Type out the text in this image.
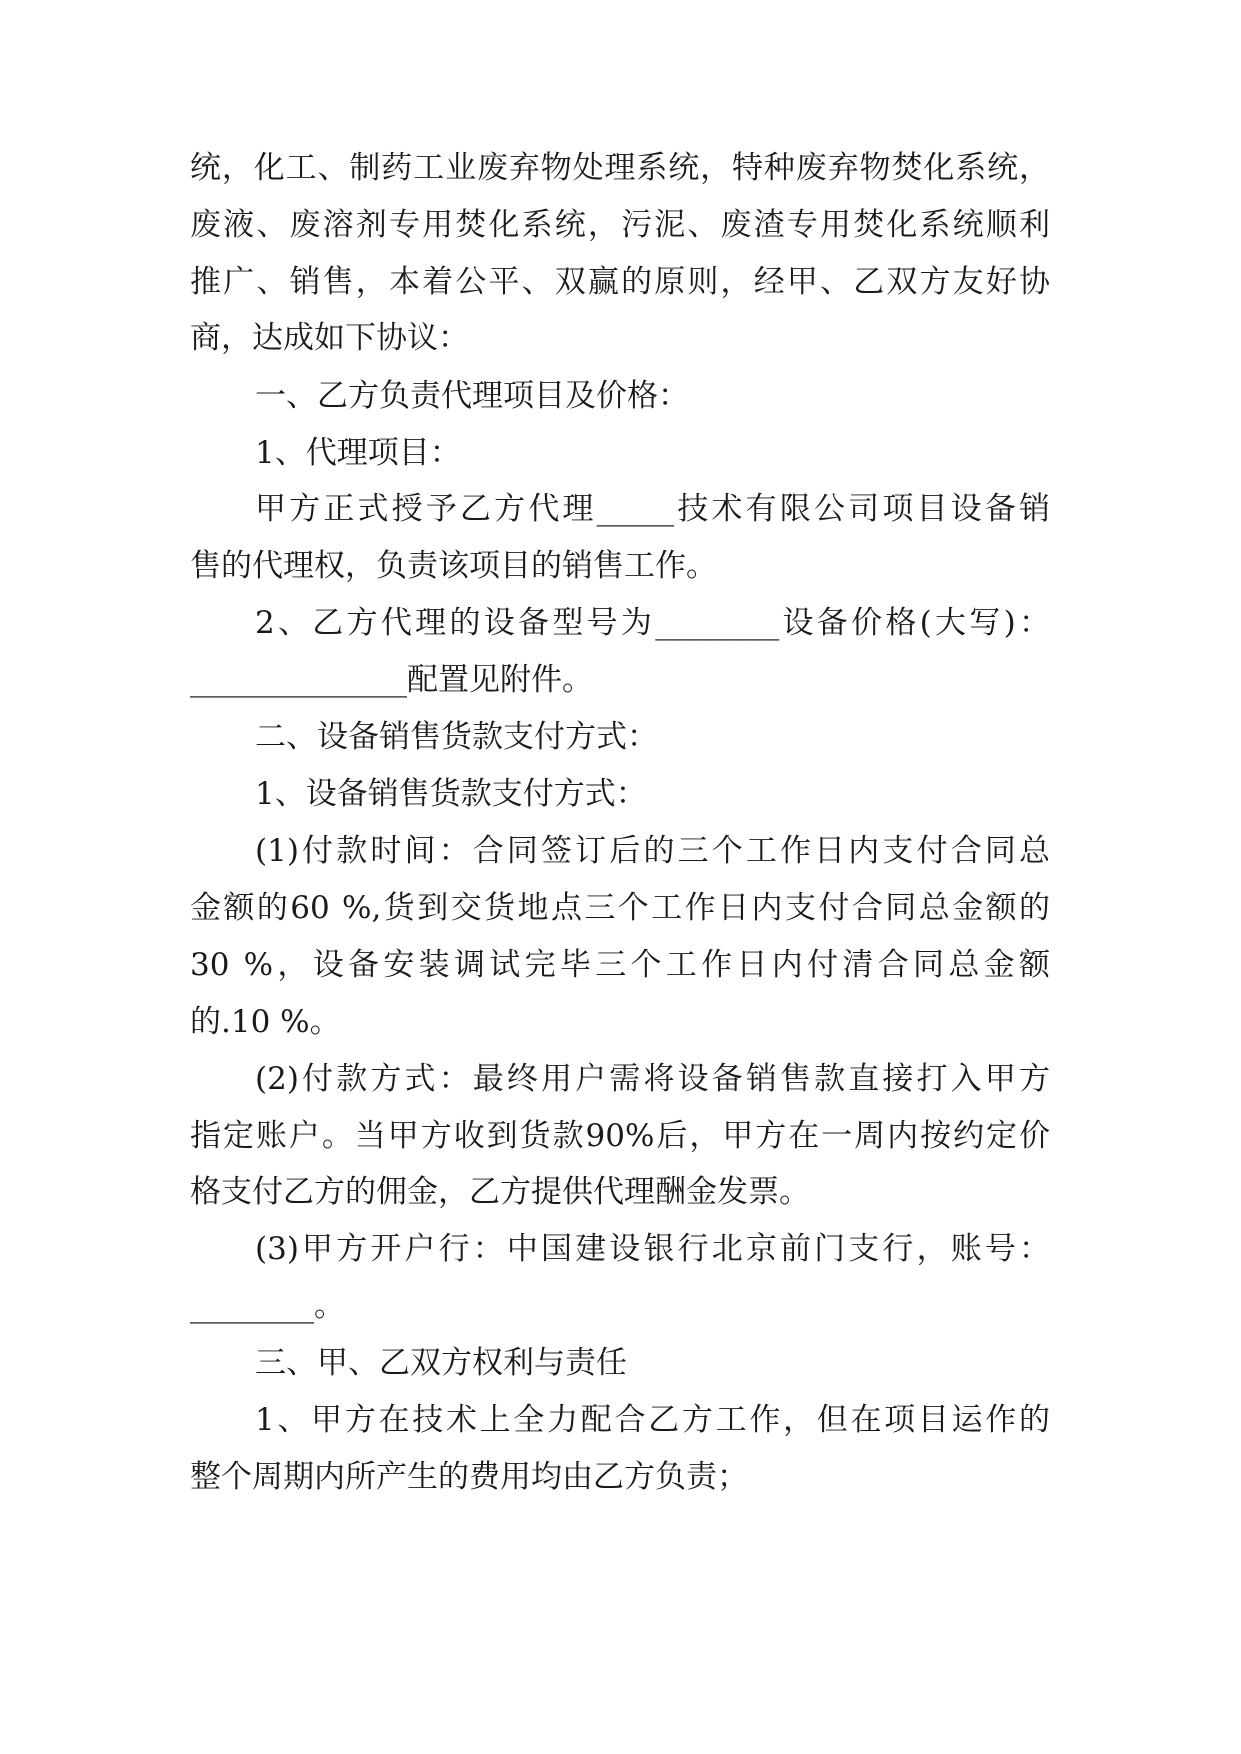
统，化工、制药工业废弃物处理系统，特种废弃物焚化系统，
废液、废溶剂专用焚化系统，污泥、废渣专用焚化系统顺利
推广、销售，本着公平、双赢的原则，经甲、乙双方友好协
商，达成如下协议：
一、乙方负责代理项目及价格：
1、代理项目：
甲方正式授予乙方代理_____技术有限公司项目设备销
售的代理权，负责该项目的销售工作。
2、乙方代理的设备型号为________设备价格(大写)：
______________配置见附件。
二、设备销售货款支付方式：
1、设备销售货款支付方式：
(1)付款时间：合同签订后的三个工作日内支付合同总
金额的60 %,货到交货地点三个工作日内支付合同总金额的
30 %，设备安装调试完毕三个工作日内付清合同总金额
的.10 %。
(2)付款方式：最终用户需将设备销售款直接打入甲方
指定账户。当甲方收到货款90%后，甲方在一周内按约定价
格支付乙方的佣金，乙方提供代理酬金发票。
(3)甲方开户行：中国建设银行北京前门支行，账号：
________。
三、甲、乙双方权利与责任
1、甲方在技术上全力配合乙方工作，但在项目运作的
整个周期内所产生的费用均由乙方负责；
